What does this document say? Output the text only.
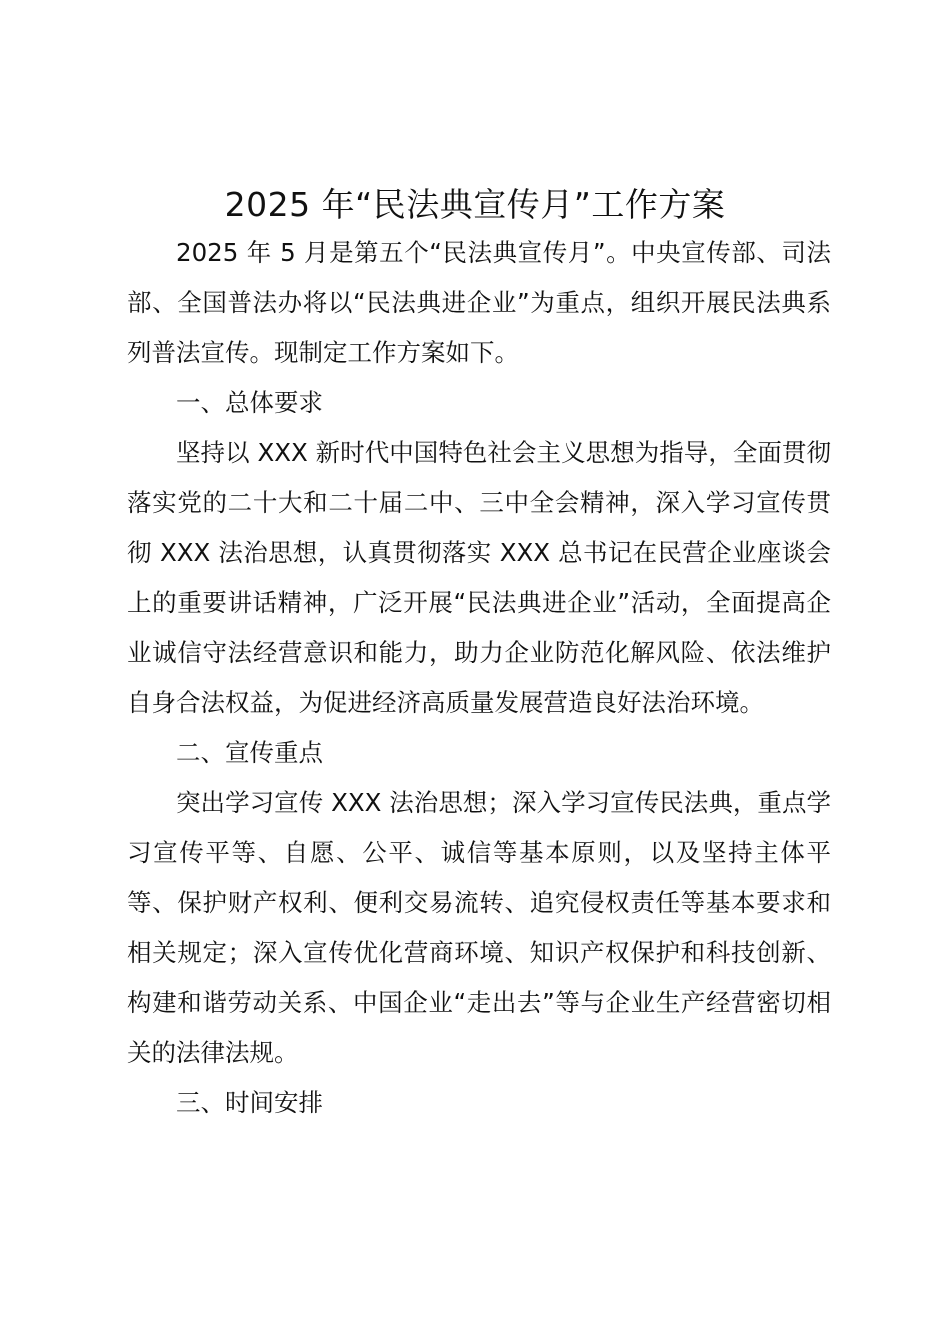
2025 年“民法典宣传月”工作方案

2025 年 5 月是第五个“民法典宣传月”。中央宣传部、司法部、全国普法办将以“民法典进企业”为重点，组织开展民法典系列普法宣传。现制定工作方案如下。

一、总体要求

坚持以 XXX 新时代中国特色社会主义思想为指导，全面贯彻落实党的二十大和二十届二中、三中全会精神，深入学习宣传贯彻 XXX 法治思想，认真贯彻落实 XXX 总书记在民营企业座谈会上的重要讲话精神，广泛开展“民法典进企业”活动，全面提高企业诚信守法经营意识和能力，助力企业防范化解风险、依法维护自身合法权益，为促进经济高质量发展营造良好法治环境。

二、宣传重点

突出学习宣传 XXX 法治思想；深入学习宣传民法典，重点学习宣传平等、自愿、公平、诚信等基本原则，以及坚持主体平等、保护财产权利、便利交易流转、追究侵权责任等基本要求和相关规定；深入宣传优化营商环境、知识产权保护和科技创新、构建和谐劳动关系、中国企业“走出去”等与企业生产经营密切相关的法律法规。

三、时间安排
